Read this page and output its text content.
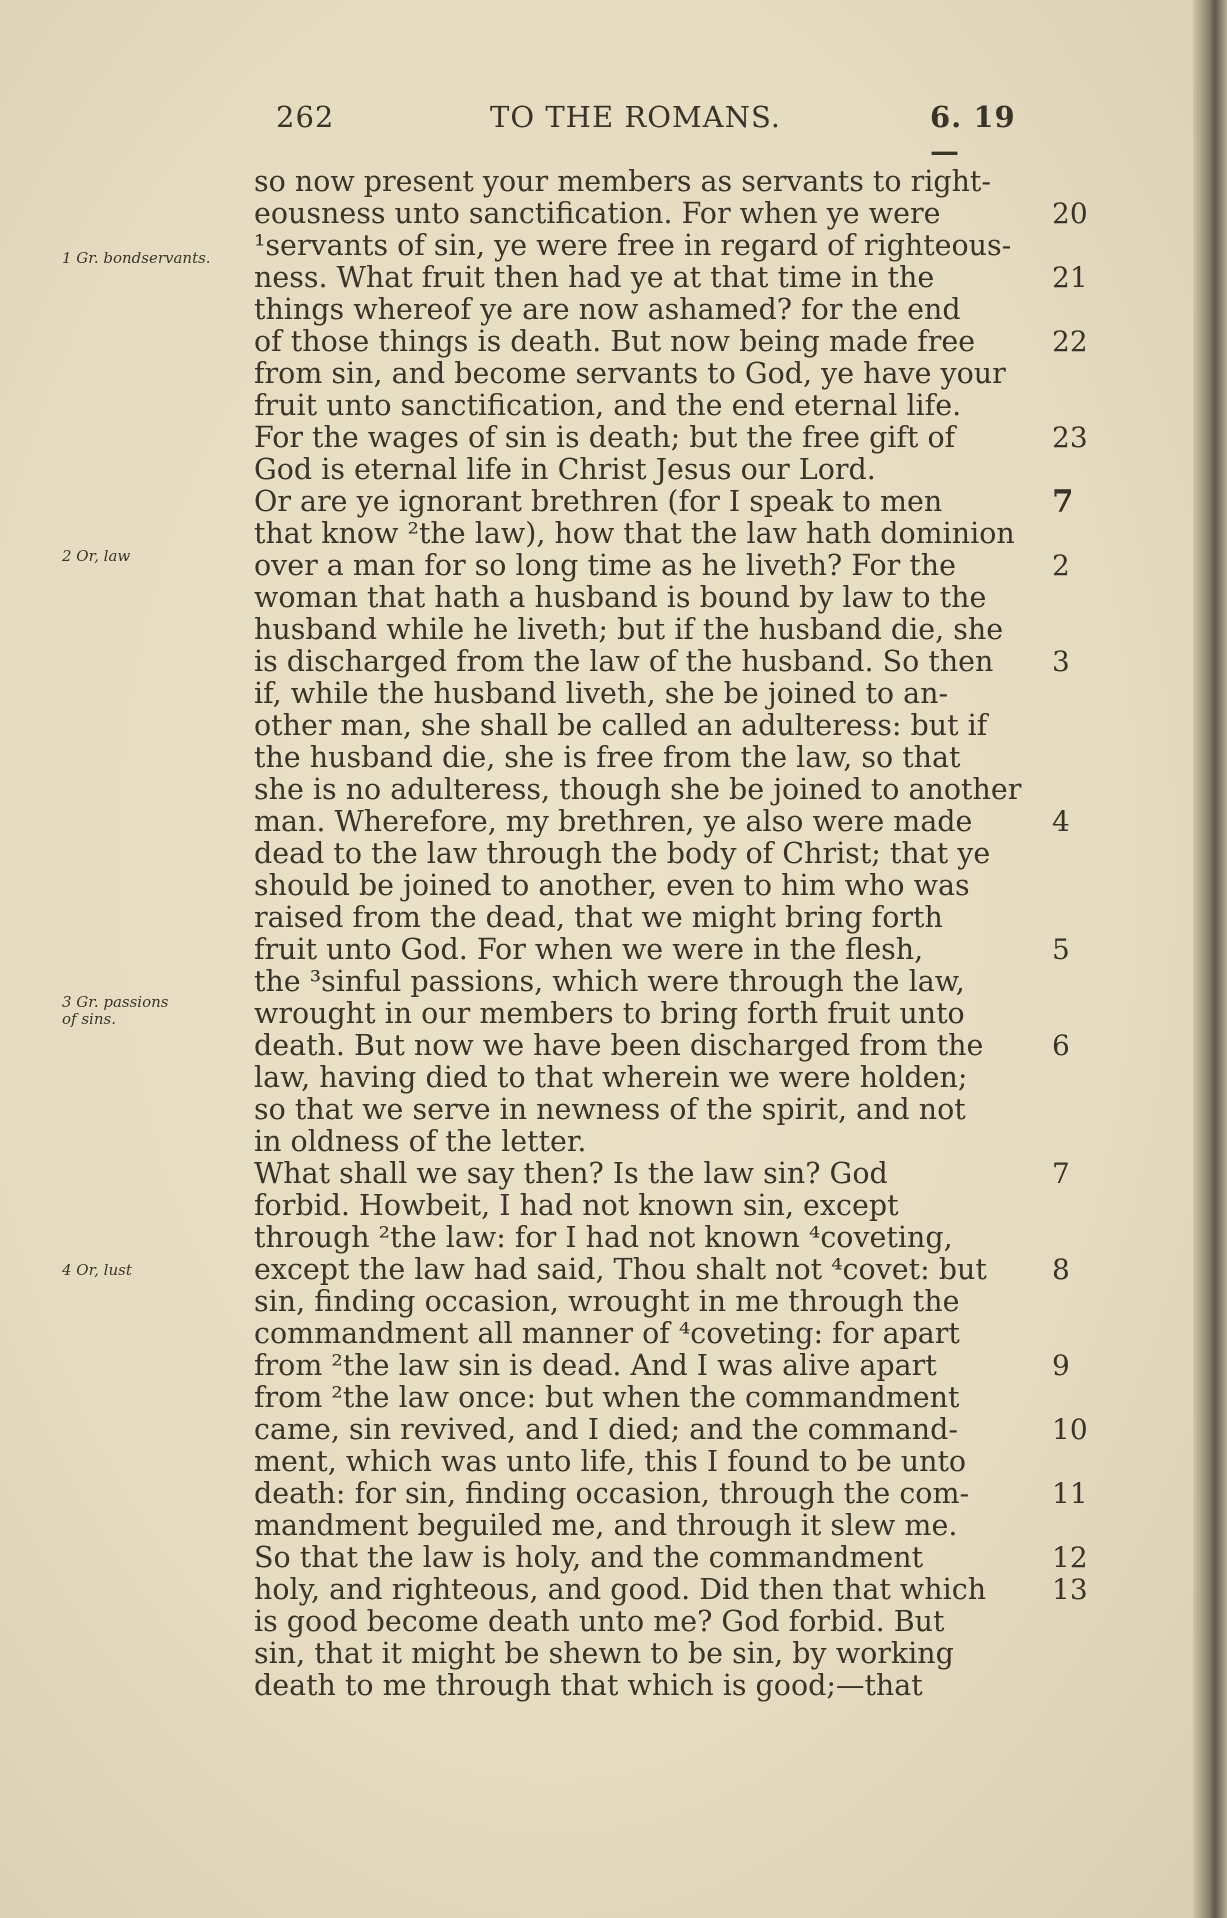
262	TO THE ROMANS.	6. 19—
1 Gr. bondservants.
2 Or, law
3 Gr. passions of sins.
4 Or, lust
so now present your members as servants to right-
eousness unto sanctification. For when ye were	20
¹servants of sin, ye were free in regard of righteous-
ness. What fruit then had ye at that time in the	21
things whereof ye are now ashamed? for the end
of those things is death. But now being made free	22
from sin, and become servants to God, ye have your
fruit unto sanctification, and the end eternal life.
For the wages of sin is death; but the free gift of	23
God is eternal life in Christ Jesus our Lord.
Or are ye ignorant brethren (for I speak to men	7
that know ²the law), how that the law hath dominion
over a man for so long time as he liveth? For the	2
woman that hath a husband is bound by law to the
husband while he liveth; but if the husband die, she
is discharged from the law of the husband. So then 3
if, while the husband liveth, she be joined to an-
other man, she shall be called an adulteress: but if
the husband die, she is free from the law, so that
she is no adulteress, though she be joined to another
man. Wherefore, my brethren, ye also were made	4
dead to the law through the body of Christ; that ye
should be joined to another, even to him who was
raised from the dead, that we might bring forth
fruit unto God. For when we were in the flesh,	5
the ³sinful passions, which were through the law,
wrought in our members to bring forth fruit unto
death. But now we have been discharged from the 6
law, having died to that wherein we were holden;
so that we serve in newness of the spirit, and not
in oldness of the letter.
What shall we say then? Is the law sin? God	7
forbid. Howbeit, I had not known sin, except
through ²the law: for I had not known ⁴coveting,
except the law had said, Thou shalt not ⁴covet: but 8
sin, finding occasion, wrought in me through the
commandment all manner of ⁴coveting: for apart
from ²the law sin is dead. And I was alive apart	9
from ²the law once: but when the commandment
came, sin revived, and I died; and the command-	10
ment, which was unto life, this I found to be unto
death: for sin, finding occasion, through the com-	11
mandment beguiled me, and through it slew me.
So that the law is holy, and the commandment	12
holy, and righteous, and good. Did then that which 13
is good become death unto me? God forbid. But
sin, that it might be shewn to be sin, by working
death to me through that which is good;—that
